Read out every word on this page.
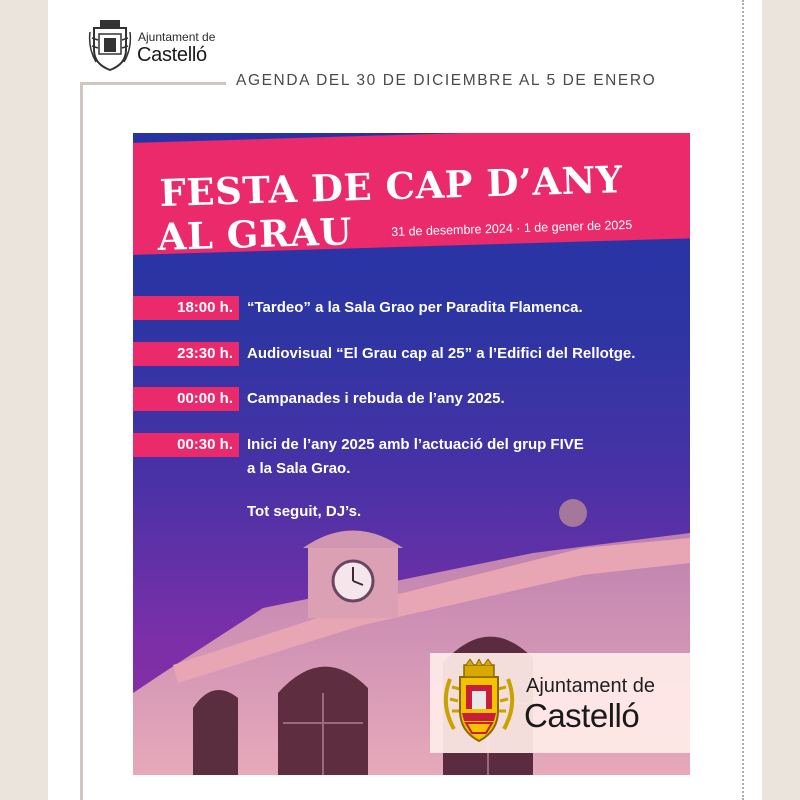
Ajuntament de
Castelló
AGENDA DEL 30 DE DICIEMBRE AL 5 DE ENERO
FESTA DE CAP D’ANY
AL GRAU	31 de desembre 2024 · 1 de gener de 2025
18:00 h. “Tardeo” a la Sala Grao per Paradita Flamenca.
23:30 h. Audiovisual “El Grau cap al 25” a l’Edifici del Rellotge.
00:00 h. Campanades i rebuda de l’any 2025.
00:30 h. Inici de l’any 2025 amb l’actuació del grup FIVE
a la Sala Grao.
Tot seguit, DJ’s.
Ajuntament de
Castelló
